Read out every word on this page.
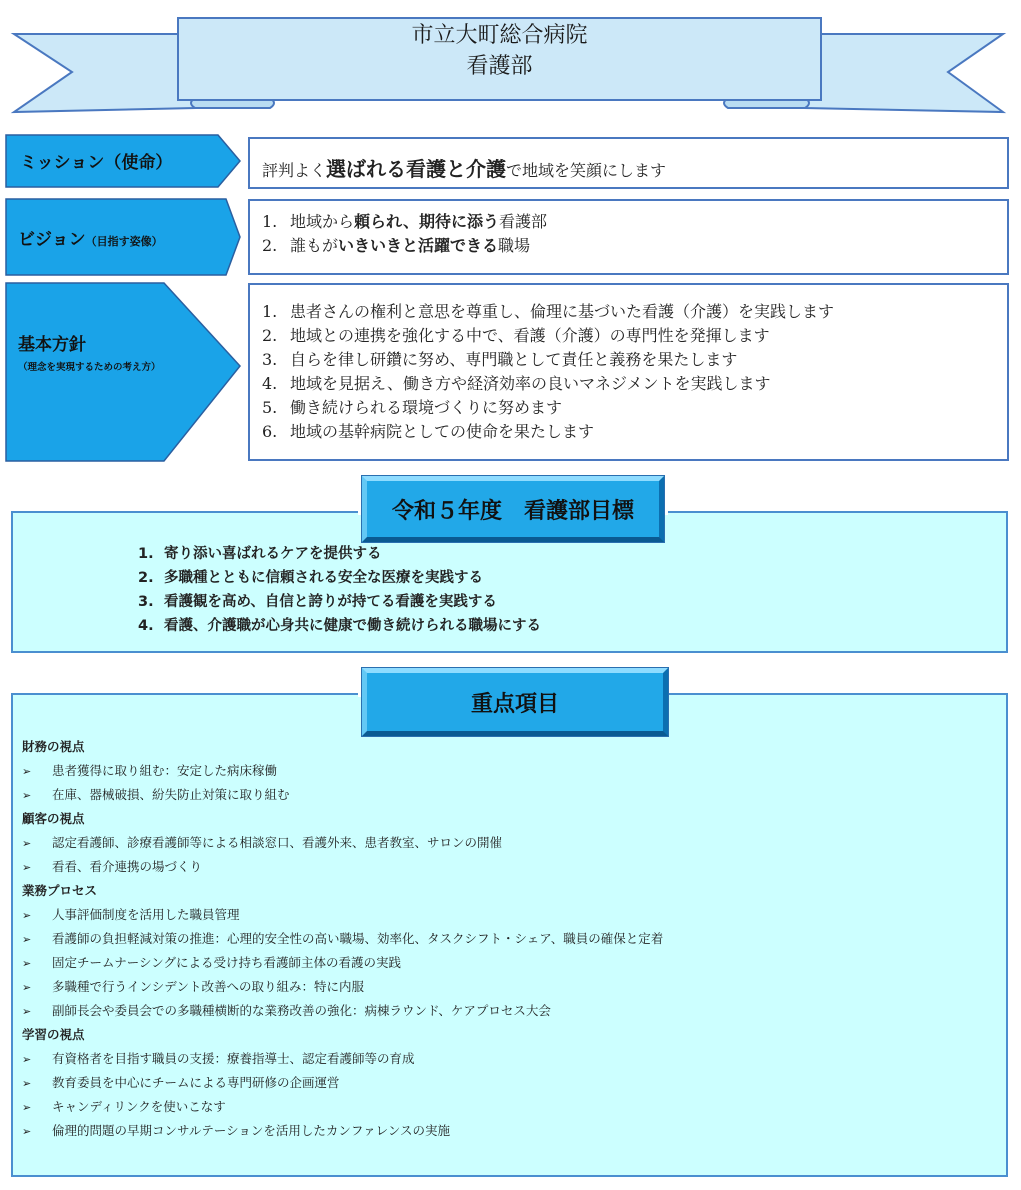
市立大町総合病院
看護部
ミッション（使命）
ビジョン（目指す姿像）
基本方針
（理念を実現するための考え方）
評判よく選ばれる看護と介護で地域を笑顔にします
1. 地域から頼られ、期待に添う看護部
2. 誰もがいきいきと活躍できる職場
1. 患者さんの権利と意思を尊重し、倫理に基づいた看護（介護）を実践します
2. 地域との連携を強化する中で、看護（介護）の専門性を発揮します
3. 自らを律し研鑽に努め、専門職として責任と義務を果たします
4. 地域を見据え、働き方や経済効率の良いマネジメントを実践します
5. 働き続けられる環境づくりに努めます
6. 地域の基幹病院としての使命を果たします
令和５年度　看護部目標
1. 寄り添い喜ばれるケアを提供する
2. 多職種とともに信頼される安全な医療を実践する
3. 看護観を高め、自信と誇りが持てる看護を実践する
4. 看護、介護職が心身共に健康で働き続けられる職場にする
重点項目
財務の視点
➢ 患者獲得に取り組む：安定した病床稼働
➢ 在庫、器械破損、紛失防止対策に取り組む
顧客の視点
➢ 認定看護師、診療看護師等による相談窓口、看護外来、患者教室、サロンの開催
➢ 看看、看介連携の場づくり
業務プロセス
➢ 人事評価制度を活用した職員管理
➢ 看護師の負担軽減対策の推進：心理的安全性の高い職場、効率化、タスクシフト・シェア、職員の確保と定着
➢ 固定チームナーシングによる受け持ち看護師主体の看護の実践
➢ 多職種で行うインシデント改善への取り組み：特に内服
➢ 副師長会や委員会での多職種横断的な業務改善の強化：病棟ラウンド、ケアプロセス大会
学習の視点
➢ 有資格者を目指す職員の支援：療養指導士、認定看護師等の育成
➢ 教育委員を中心にチームによる専門研修の企画運営
➢ キャンディリンクを使いこなす
➢ 倫理的問題の早期コンサルテーションを活用したカンファレンスの実施
